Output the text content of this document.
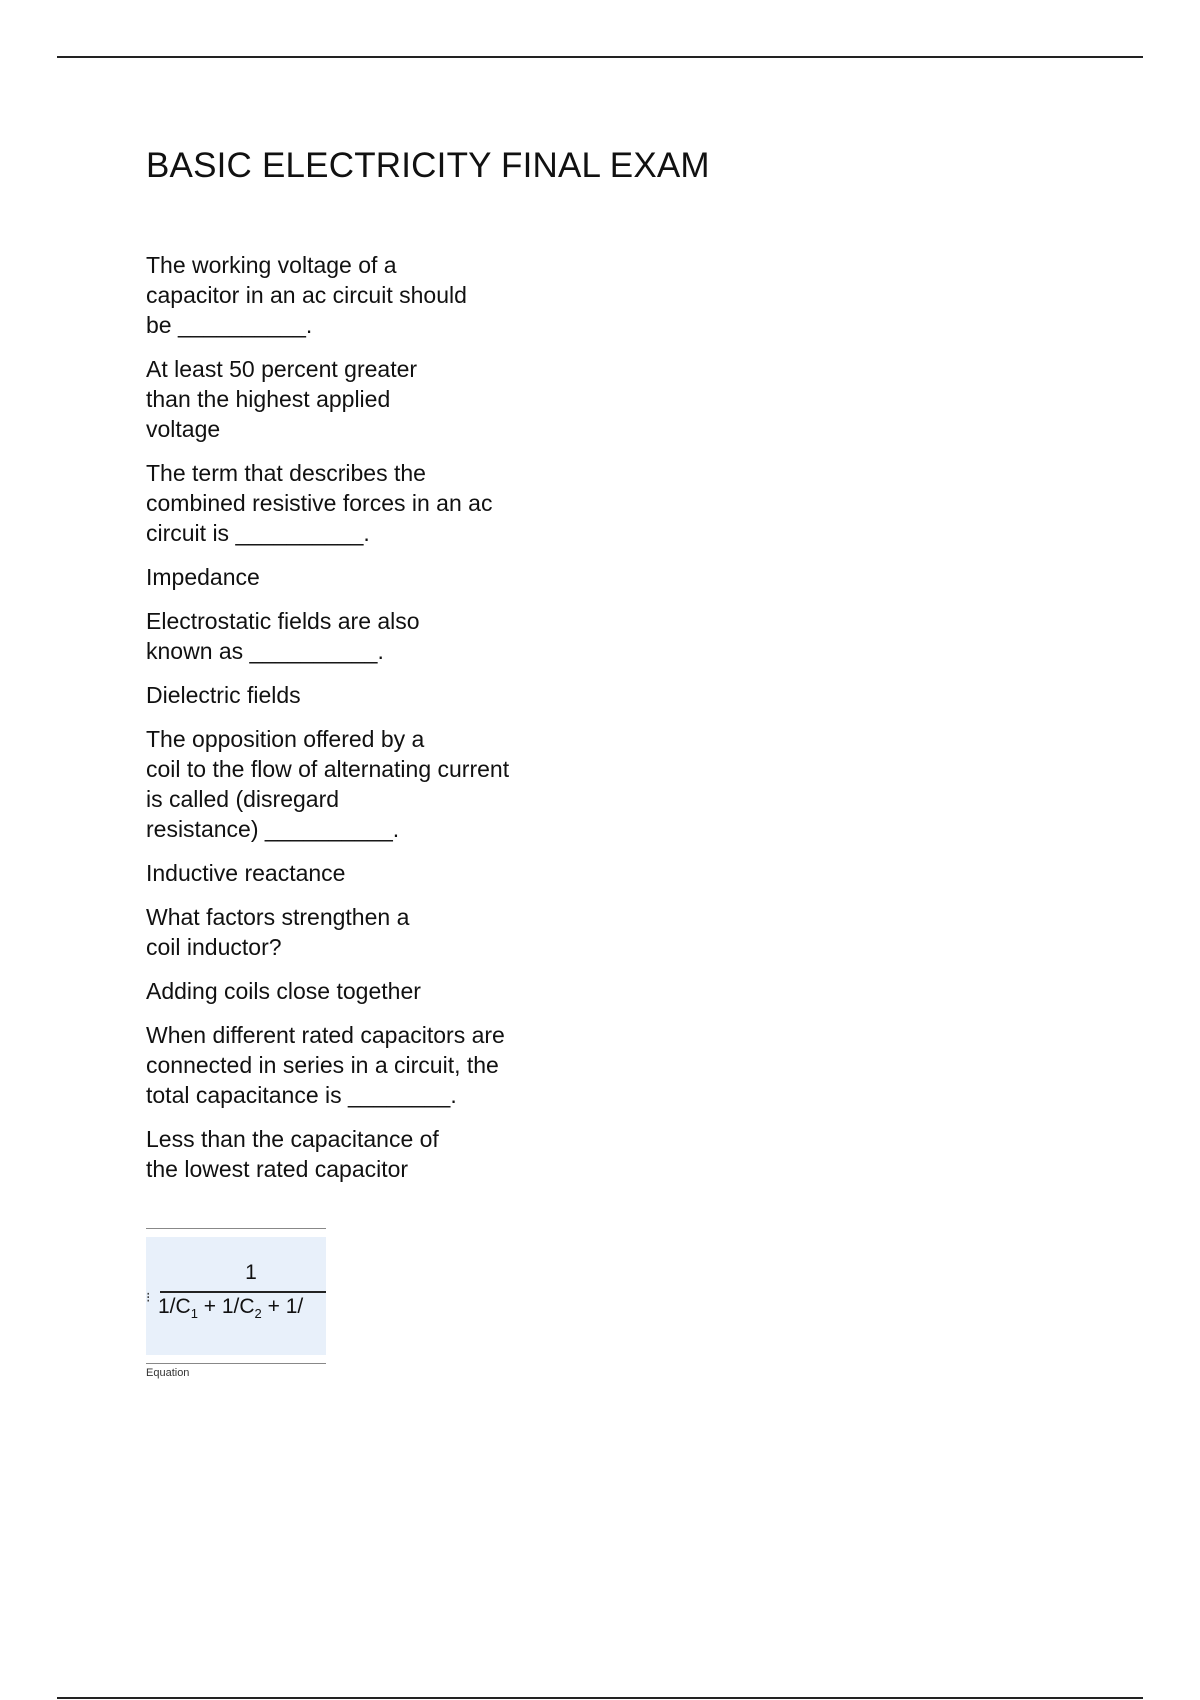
BASIC ELECTRICITY FINAL EXAM

The working voltage of a
capacitor in an ac circuit should
be __________.

At least 50 percent greater
than the highest applied
voltage

The term that describes the
combined resistive forces in an ac
circuit is __________.

Impedance

Electrostatic fields are also
known as __________.

Dielectric fields

The opposition offered by a
coil to the flow of alternating current
is called (disregard
resistance) __________.

Inductive reactance

What factors strengthen a
coil inductor?

Adding coils close together

When different rated capacitors are
connected in series in a circuit, the
total capacitance is ________.

Less than the capacitance of
the lowest rated capacitor

⁝
1
$1/C_1 + 1/C_2 + 1/$
Equation
